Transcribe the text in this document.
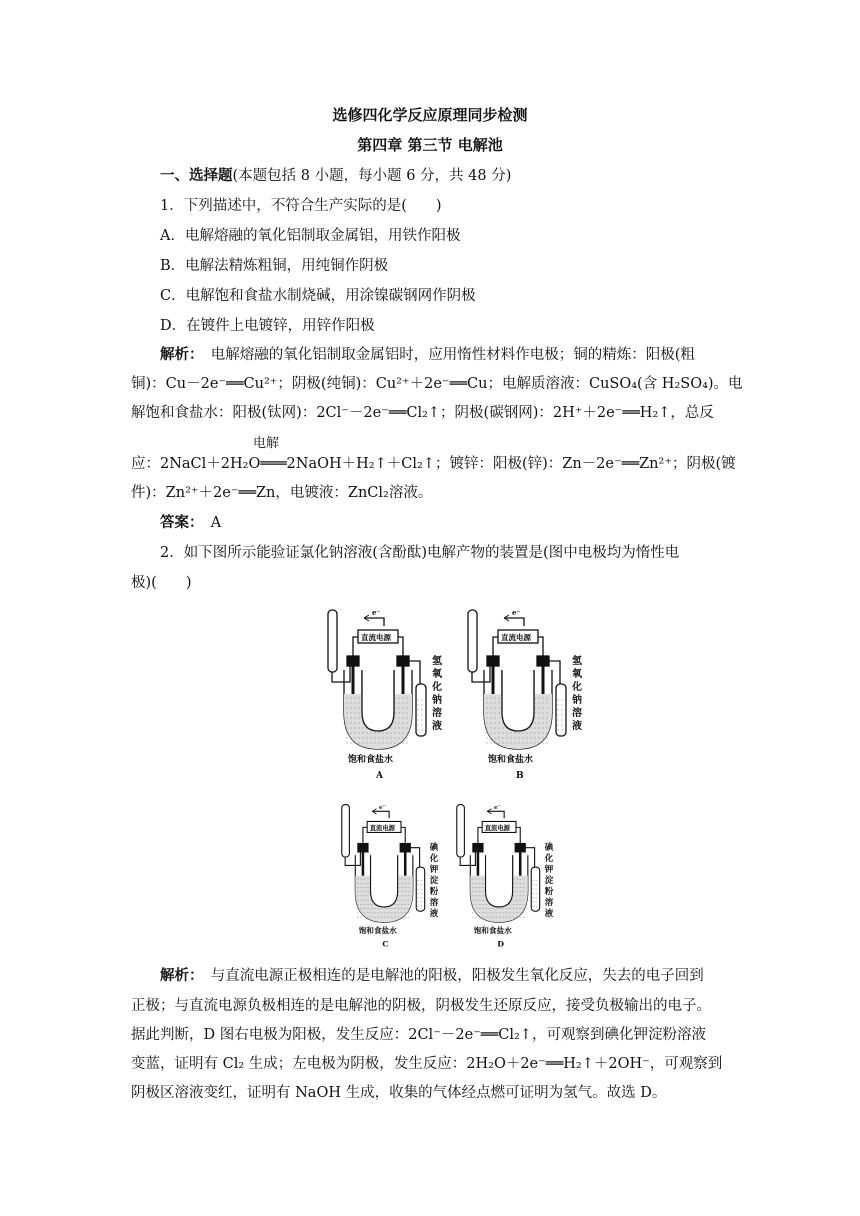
选修四化学反应原理同步检测
第四章 第三节 电解池
一、选择题(本题包括 8 小题，每小题 6 分，共 48 分)
1．下列描述中，不符合生产实际的是(　　)
A．电解熔融的氧化铝制取金属铝，用铁作阳极
B．电解法精炼粗铜，用纯铜作阴极
C．电解饱和食盐水制烧碱，用涂镍碳钢网作阴极
D．在镀件上电镀锌，用锌作阳极
解析：　电解熔融的氧化铝制取金属铝时，应用惰性材料作电极；铜的精炼：阳极(粗
铜)：Cu－2e⁻══Cu²⁺；阴极(纯铜)：Cu²⁺＋2e⁻══Cu；电解质溶液：CuSO₄(含 H₂SO₄)。电
解饱和食盐水：阳极(钛网)：2Cl⁻－2e⁻══Cl₂↑；阴极(碳钢网)：2H⁺＋2e⁻══H₂↑，总反
电解
应：2NaCl＋2H₂O═══2NaOH＋H₂↑＋Cl₂↑；镀锌：阳极(锌)：Zn－2e⁻══Zn²⁺；阴极(镀
件)：Zn²⁺＋2e⁻══Zn，电镀液：ZnCl₂溶液。
答案：　A
2．如下图所示能验证氯化钠溶液(含酚酞)电解产物的装置是(图中电极均为惰性电
极)(　　)
e⁻
直流电源
饱和食盐水
A
氢
氧
化
钠
溶
液
e⁻
直流电源
饱和食盐水
B
氢
氧
化
钠
溶
液
e⁻
直流电源
饱和食盐水
C
碘
化
钾
淀
粉
溶
液
e⁻
直流电源
饱和食盐水
D
碘
化
钾
淀
粉
溶
液
解析：　与直流电源正极相连的是电解池的阳极，阳极发生氧化反应，失去的电子回到
正极；与直流电源负极相连的是电解池的阴极，阴极发生还原反应，接受负极输出的电子。
据此判断，D 图右电极为阳极，发生反应：2Cl⁻－2e⁻══Cl₂↑，可观察到碘化钾淀粉溶液
变蓝，证明有 Cl₂ 生成；左电极为阴极，发生反应：2H₂O＋2e⁻══H₂↑＋2OH⁻，可观察到
阴极区溶液变红，证明有 NaOH 生成，收集的气体经点燃可证明为氢气。故选 D。
